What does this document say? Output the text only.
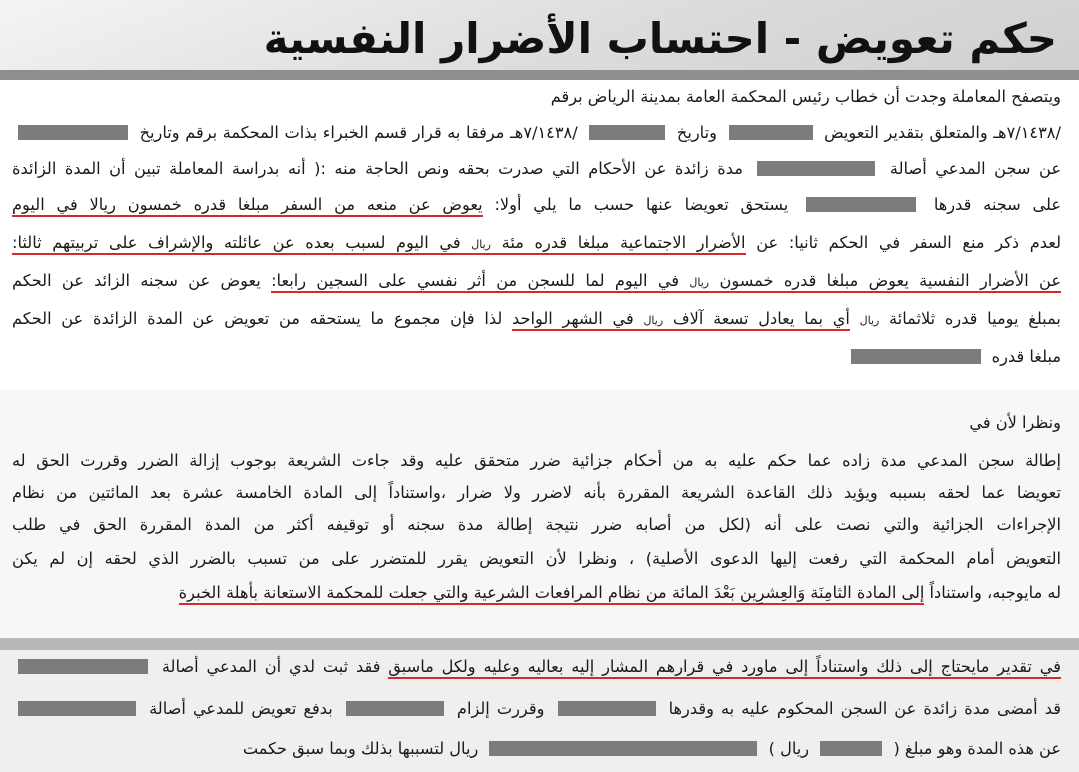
حكم تعويض - احتساب الأضرار النفسية
ويتصفح المعاملة وجدت أن خطاب رئيس المحكمة العامة بمدينة الرياض برقم
/٧/١٤٣٨هـ والمتعلق بتقدير التعويض  وتاريخ  /٧/١٤٣٨هـ مرفقا به قرار قسم الخبراء بذات المحكمة برقم وتاريخ
عن سجن المدعي أصالة  مدة زائدة عن الأحكام التي صدرت بحقه ونص الحاجة منه :( أنه بدراسة المعاملة تبين أن المدة الزائدة
على سجنه قدرها  يستحق تعويضا عنها حسب ما يلي أولا: يعوض عن منعه من السفر مبلغا قدره خمسون ريالا في اليوم
لعدم ذكر منع السفر في الحكم ثانيا: عن الأضرار الاجتماعية مبلغا قدره مئة ريال في اليوم لسبب بعده عن عائلته والإشراف على تربيتهم ثالثا:
عن الأضرار النفسية يعوض مبلغا قدره خمسون ريال في اليوم لما للسجن من أثر نفسي على السجين رابعا: يعوض عن سجنه الزائد عن الحكم
بمبلغ يوميا قدره ثلاثمائة ريال أي بما يعادل تسعة آلاف ريال في الشهر الواحد لذا فإن مجموع ما يستحقه من تعويض عن المدة الزائدة عن الحكم
مبلغا قدره
ونظرا لأن في
إطالة سجن المدعي مدة زاده عما حكم عليه به من أحكام جزائية ضرر متحقق عليه وقد جاءت الشريعة بوجوب إزالة الضرر وقررت الحق له
تعويضا عما لحقه بسببه ويؤيد ذلك القاعدة الشريعة المقررة بأنه لاضرر ولا ضرار ،واستناداً إلى المادة الخامسة عشرة بعد المائتين من نظام
الإجراءات الجزائية والتي نصت على أنه (لكل من أصابه ضرر نتيجة إطالة مدة سجنه أو توقيفه أكثر من المدة المقررة الحق في طلب
التعويض أمام المحكمة التي رفعت إليها الدعوى الأصلية) ، ونظرا لأن التعويض يقرر للمتضرر على من تسبب بالضرر الذي لحقه إن لم يكن
له مايوجبه، واستناداً إلى المادة الثامِنَة وَالعِشرِين بَعْدَ المائة من نظام المرافعات الشرعية والتي جعلت للمحكمة الاستعانة بأهلة الخبرة
في تقدير مايحتاج إلى ذلك واستناداً إلى ماورد في قرارهم المشار إليه بعاليه وعليه ولكل ماسبق فقد ثبت لدي أن المدعي أصالة
قد أمضى مدة زائدة عن السجن المحكوم عليه به وقدرها  وقررت إلزام  بدفع تعويض للمدعي أصالة
عن هذه المدة وهو مبلغ (  ريال )  ريال لتسببها بذلك وبما سبق حكمت
